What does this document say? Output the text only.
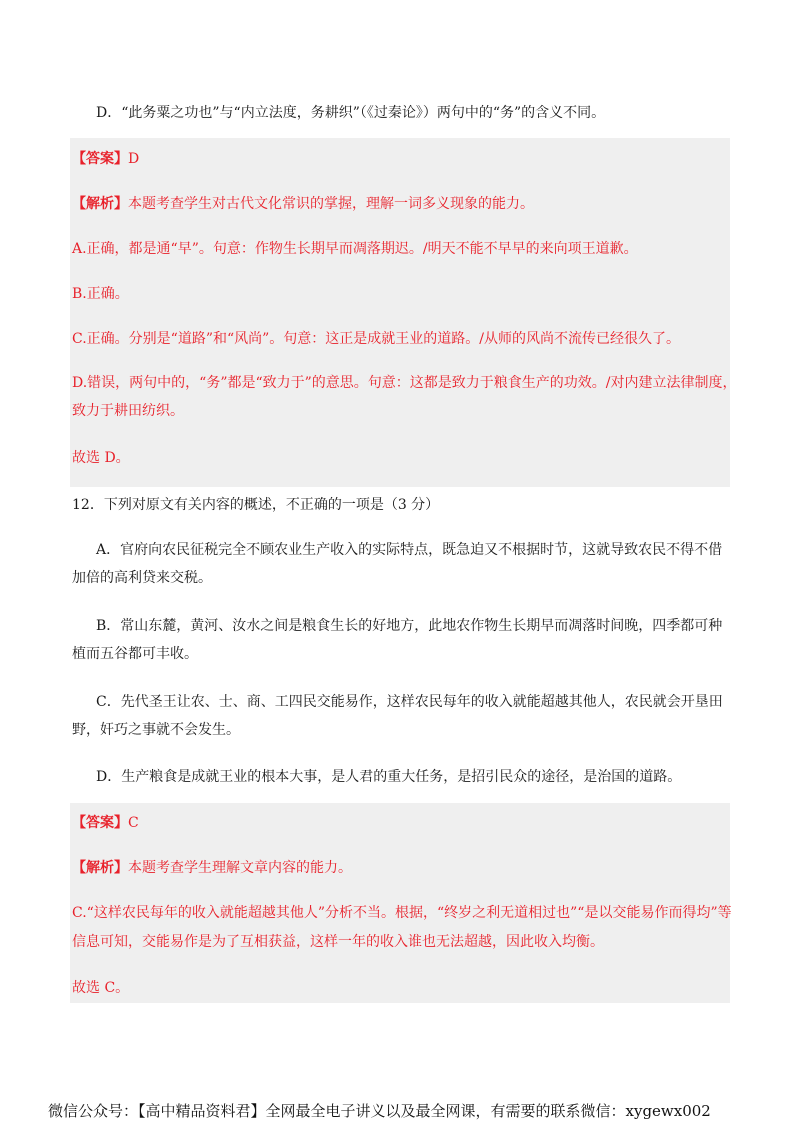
D．“此务粟之功也”与“内立法度，务耕织”（《过秦论》）两句中的“务”的含义不同。
【答案】D
【解析】本题考查学生对古代文化常识的掌握，理解一词多义现象的能力。
A.正确，都是通“早”。句意：作物生长期早而凋落期迟。/明天不能不早早的来向项王道歉。
B.正确。
C.正确。分别是“道路”和“风尚”。句意：这正是成就王业的道路。/从师的风尚不流传已经很久了。
D.错误，两句中的，“务”都是“致力于”的意思。句意：这都是致力于粮食生产的功效。/对内建立法律制度，
致力于耕田纺织。
故选 D。
12．下列对原文有关内容的概述，不正确的一项是（3 分）
A．官府向农民征税完全不顾农业生产收入的实际特点，既急迫又不根据时节，这就导致农民不得不借
加倍的高利贷来交税。
B．常山东麓，黄河、汝水之间是粮食生长的好地方，此地农作物生长期早而凋落时间晚，四季都可种
植而五谷都可丰收。
C．先代圣王让农、士、商、工四民交能易作，这样农民每年的收入就能超越其他人，农民就会开垦田
野，奸巧之事就不会发生。
D．生产粮食是成就王业的根本大事，是人君的重大任务，是招引民众的途径，是治国的道路。
【答案】C
【解析】本题考查学生理解文章内容的能力。
C.“这样农民每年的收入就能超越其他人”分析不当。根据，“终岁之利无道相过也”“是以交能易作而得均”等
信息可知，交能易作是为了互相获益，这样一年的收入谁也无法超越，因此收入均衡。
故选 C。
微信公众号：【高中精品资料君】全网最全电子讲义以及最全网课，有需要的联系微信：xygewx002
